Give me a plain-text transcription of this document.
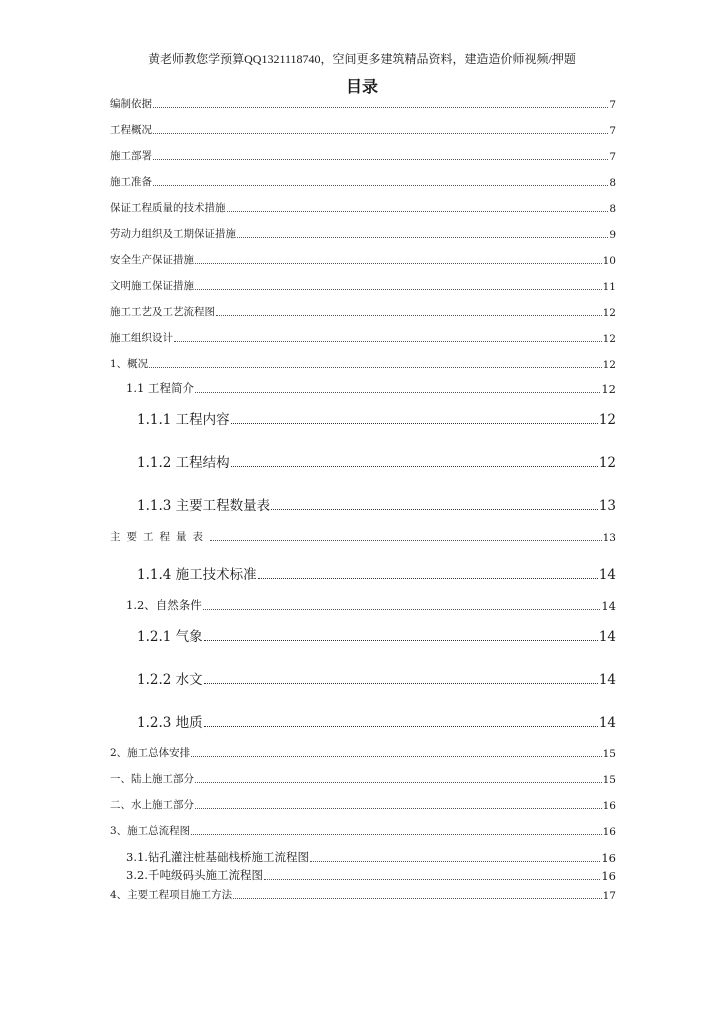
黄老师教您学预算QQ1321118740，空间更多建筑精品资料，建造造价师视频/押题
目录
编制依据	7
工程概况	7
施工部署	7
施工准备	8
保证工程质量的技术措施	8
劳动力组织及工期保证措施	9
安全生产保证措施	10
文明施工保证措施	11
施工工艺及工艺流程图	12
施工组织设计	12
1、概况	12
1.1 工程简介	12
1.1.1 工程内容	12
1.1.2 工程结构	12
1.1.3 主要工程数量表	13
主要工程量表	13
1.1.4 施工技术标准	14
1.2、自然条件	14
1.2.1 气象	14
1.2.2 水文	14
1.2.3 地质	14
2、施工总体安排	15
一、陆上施工部分	15
二、水上施工部分	16
3、施工总流程图	16
3.1.钻孔灌注桩基础栈桥施工流程图	16
3.2.千吨级码头施工流程图	16
4、主要工程项目施工方法	17
